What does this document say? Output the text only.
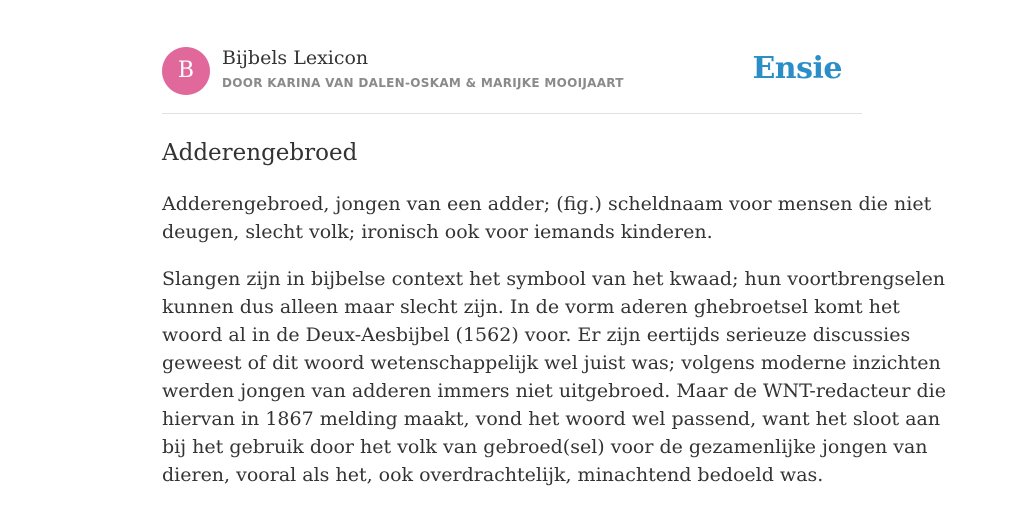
B	Bijbels Lexicon
DOOR KARINA VAN DALEN-OSKAM & MARIJKE MOOIJAART	Ensie
Adderengebroed

Adderengebroed, jongen van een adder; (fig.) scheldnaam voor mensen die niet
deugen, slecht volk; ironisch ook voor iemands kinderen.

Slangen zijn in bijbelse context het symbool van het kwaad; hun voortbrengselen
kunnen dus alleen maar slecht zijn. In de vorm aderen ghebroetsel komt het
woord al in de Deux-Aesbijbel (1562) voor. Er zijn eertijds serieuze discussies
geweest of dit woord wetenschappelijk wel juist was; volgens moderne inzichten
werden jongen van adderen immers niet uitgebroed. Maar de WNT-redacteur die
hiervan in 1867 melding maakt, vond het woord wel passend, want het sloot aan
bij het gebruik door het volk van gebroed(sel) voor de gezamenlijke jongen van
dieren, vooral als het, ook overdrachtelijk, minachtend bedoeld was.
